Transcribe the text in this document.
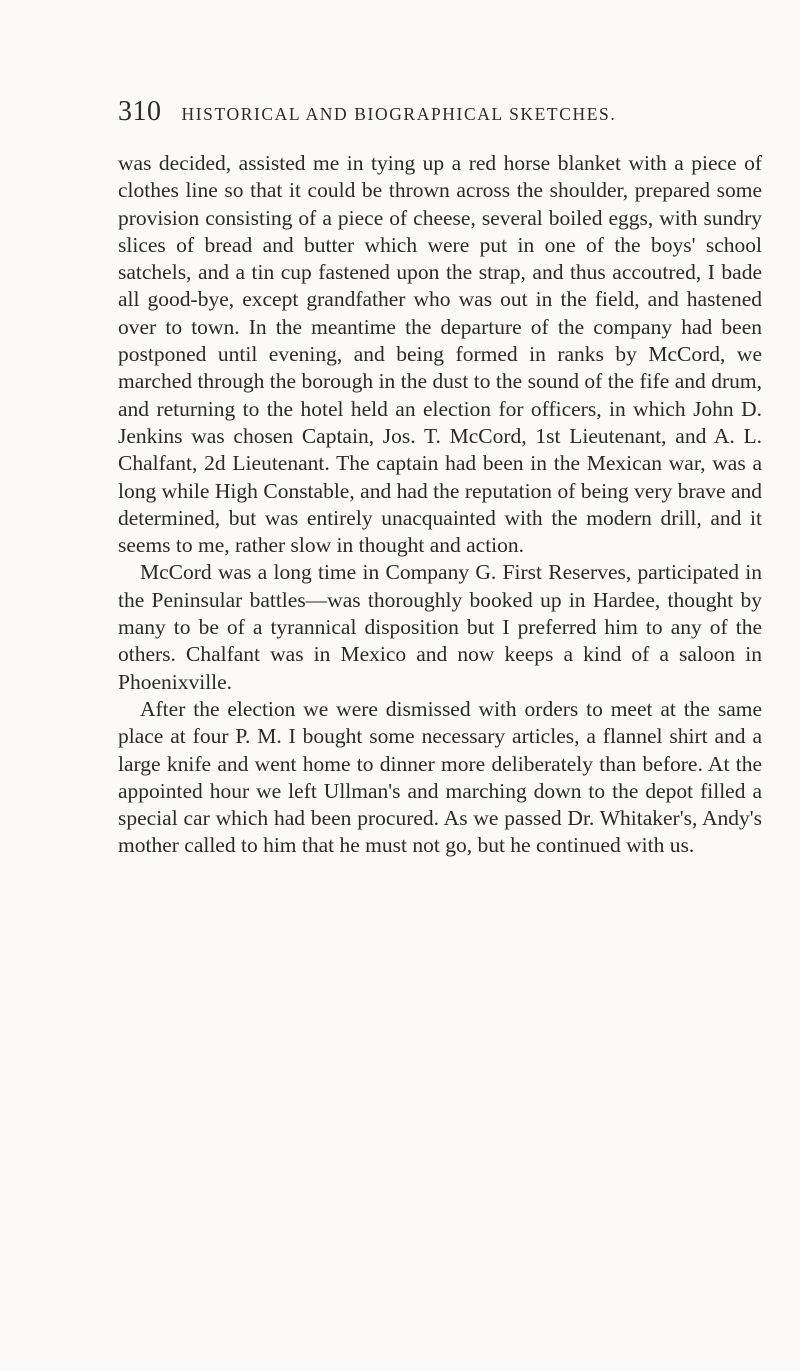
310 HISTORICAL AND BIOGRAPHICAL SKETCHES.

was decided, assisted me in tying up a red horse blanket with a piece of clothes line so that it could be thrown across the shoulder, prepared some provision consisting of a piece of cheese, several boiled eggs, with sundry slices of bread and butter which were put in one of the boys' school satchels, and a tin cup fastened upon the strap, and thus accoutred, I bade all good-bye, except grandfather who was out in the field, and hastened over to town. In the meantime the departure of the company had been postponed until evening, and being formed in ranks by McCord, we marched through the borough in the dust to the sound of the fife and drum, and returning to the hotel held an election for officers, in which John D. Jenkins was chosen Captain, Jos. T. McCord, 1st Lieutenant, and A. L. Chalfant, 2d Lieutenant. The captain had been in the Mexican war, was a long while High Constable, and had the reputation of being very brave and determined, but was entirely unacquainted with the modern drill, and it seems to me, rather slow in thought and action.

McCord was a long time in Company G. First Reserves, participated in the Peninsular battles—was thoroughly booked up in Hardee, thought by many to be of a tyrannical disposition but I preferred him to any of the others. Chalfant was in Mexico and now keeps a kind of a saloon in Phoenixville.

After the election we were dismissed with orders to meet at the same place at four P. M. I bought some necessary articles, a flannel shirt and a large knife and went home to dinner more deliberately than before. At the appointed hour we left Ullman's and marching down to the depot filled a special car which had been procured. As we passed Dr. Whitaker's, Andy's mother called to him that he must not go, but he continued with us.
